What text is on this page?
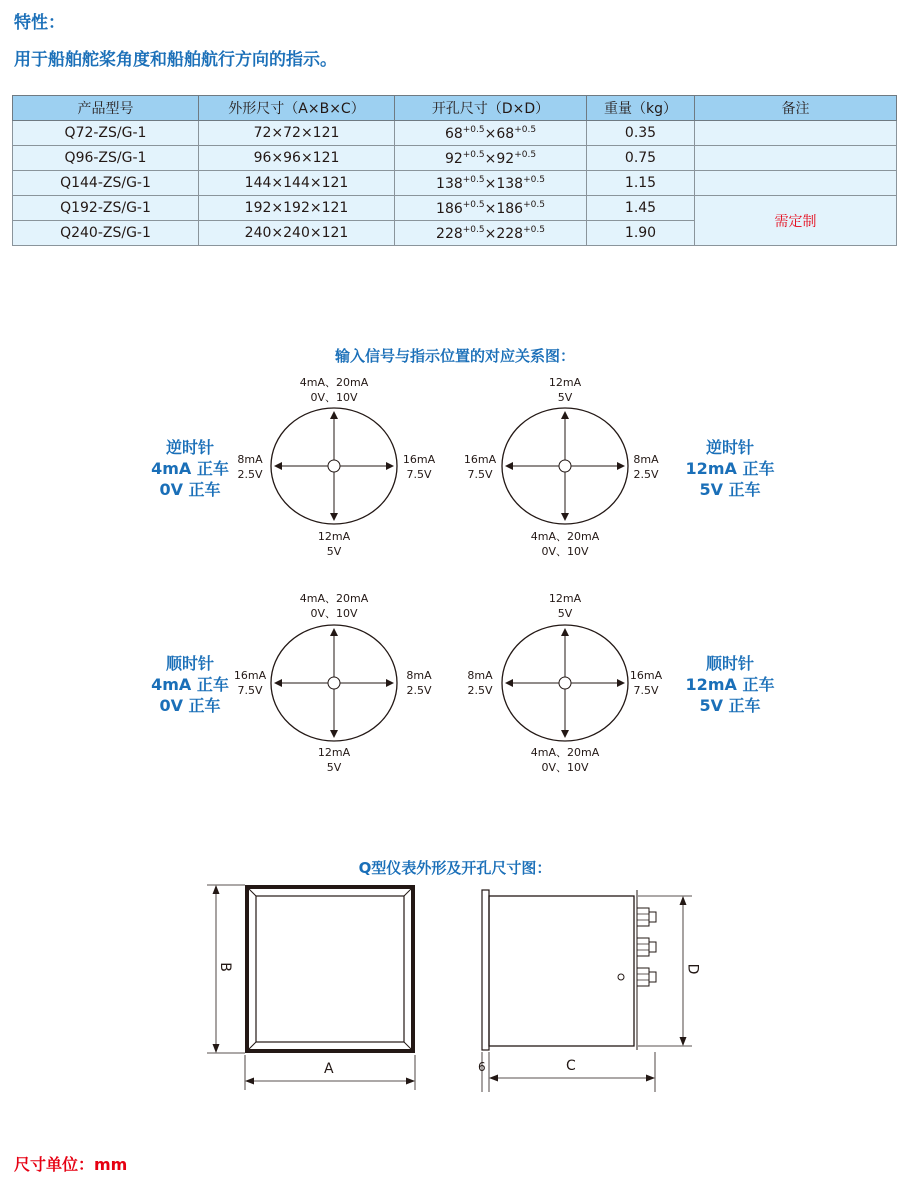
特性：
用于船舶舵桨角度和船舶航行方向的指示。
产品型号	外形尺寸（A×B×C）	开孔尺寸（D×D）	重量（kg）	备注
Q72-ZS/G-1	72×72×121	$68^{+0.5}\times 68^{+0.5}$	0.35	
Q96-ZS/G-1	96×96×121	$92^{+0.5}\times 92^{+0.5}$	0.75	
Q144-ZS/G-1	144×144×121	$138^{+0.5}\times 138^{+0.5}$	1.15	
Q192-ZS/G-1	192×192×121	$186^{+0.5}\times 186^{+0.5}$	1.45	需定制
Q240-ZS/G-1	240×240×121	$228^{+0.5}\times 228^{+0.5}$	1.90	
输入信号与指示位置的对应关系图：
逆时针
4mA 正车
0V 正车
4mA、20mA
0V、10V
12mA
5V
8mA
2.5V
16mA
7.5V
逆时针
12mA 正车
5V 正车
12mA
5V
4mA、20mA
0V、10V
16mA
7.5V
8mA
2.5V
顺时针
4mA 正车
0V 正车
4mA、20mA
0V、10V
12mA
5V
16mA
7.5V
8mA
2.5V
顺时针
12mA 正车
5V 正车
12mA
5V
4mA、20mA
0V、10V
8mA
2.5V
16mA
7.5V
Q型仪表外形及开孔尺寸图：
B
A	C
D
6
尺寸单位：mm
